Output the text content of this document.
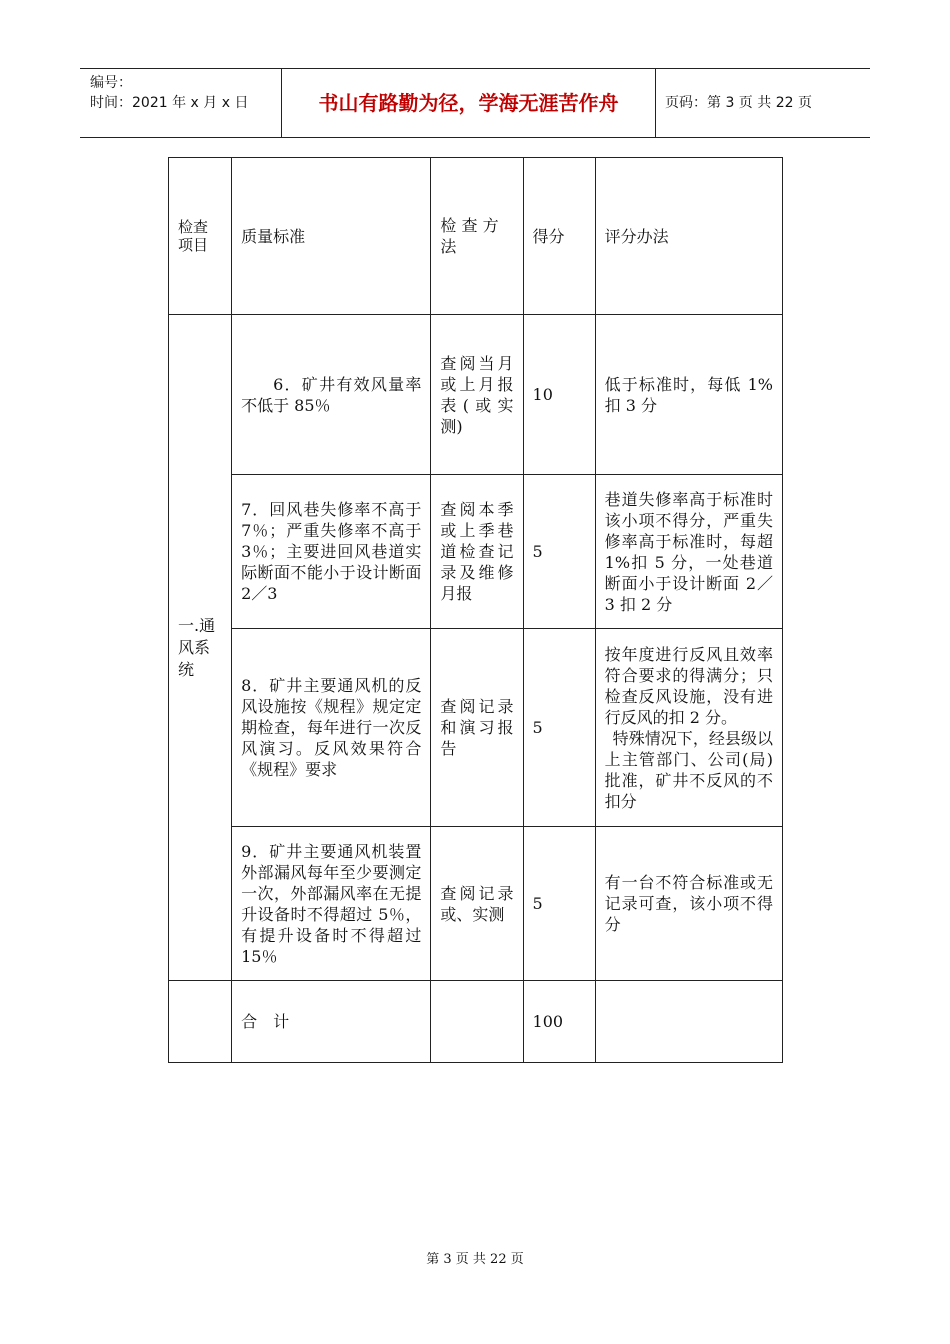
编号：
时间：2021 年 x 月 x 日	书山有路勤为径，学海无涯苦作舟	页码：第 3 页 共 22 页
检查项目	质量标准	检 查 方法	得分	评分办法
一.通风系统	6．矿井有效风量率不低于 85％	查阅当月或上月报表(或实测)	10	低于标准时，每低 1%扣 3 分
	7．回风巷失修率不高于 7％；严重失修率不高于 3％；主要进回风巷道实际断面不能小于设计断面 2／3	查阅本季或上季巷道检查记录及维修月报	5	巷道失修率高于标准时该小项不得分，严重失修率高于标准时，每超 1%扣 5 分，一处巷道断面小于设计断面 2／3 扣 2 分
	8．矿井主要通风机的反风设施按《规程》规定定期检查，每年进行一次反风演习。反风效果符合《规程》要求	查阅记录和演习报告	5	按年度进行反风且效率符合要求的得满分；只检查反风设施，没有进行反风的扣 2 分。
特殊情况下，经县级以上主管部门、公司(局)批准，矿井不反风的不扣分

	9．矿井主要通风机装置　外部漏风每年至少要测定一次，外部漏风率在无提升设备时不得超过 5％，有提升设备时不得超过 15％	查阅记录或、实测	5	有一台不符合标准或无记录可查，该小项不得分
	合　计		100	
第 3 页 共 22 页
